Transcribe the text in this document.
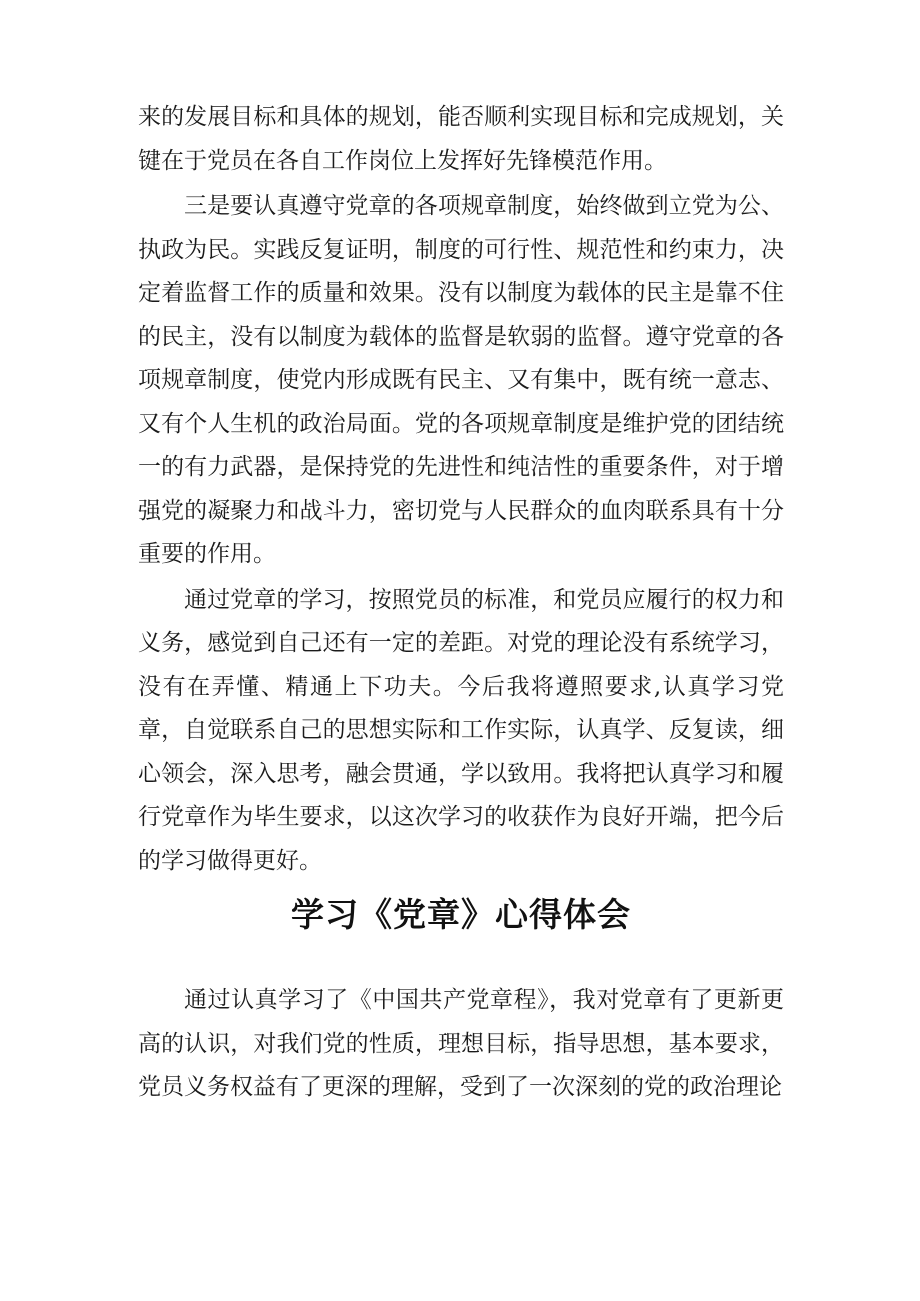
来的发展目标和具体的规划，能否顺利实现目标和完成规划，关键在于党员在各自工作岗位上发挥好先锋模范作用。

三是要认真遵守党章的各项规章制度，始终做到立党为公、执政为民。实践反复证明，制度的可行性、规范性和约束力，决定着监督工作的质量和效果。没有以制度为载体的民主是靠不住的民主，没有以制度为载体的监督是软弱的监督。遵守党章的各项规章制度，使党内形成既有民主、又有集中，既有统一意志、又有个人生机的政治局面。党的各项规章制度是维护党的团结统一的有力武器，是保持党的先进性和纯洁性的重要条件，对于增强党的凝聚力和战斗力，密切党与人民群众的血肉联系具有十分重要的作用。

通过党章的学习，按照党员的标准，和党员应履行的权力和义务，感觉到自己还有一定的差距。对党的理论没有系统学习，没有在弄懂、精通上下功夫。今后我将遵照要求,认真学习党章，自觉联系自己的思想实际和工作实际，认真学、反复读，细心领会，深入思考，融会贯通，学以致用。我将把认真学习和履行党章作为毕生要求，以这次学习的收获作为良好开端，把今后的学习做得更好。

学习《党章》心得体会

通过认真学习了《中国共产党章程》，我对党章有了更新更高的认识，对我们党的性质，理想目标，指导思想，基本要求，党员义务权益有了更深的理解，受到了一次深刻的党的政治理论
